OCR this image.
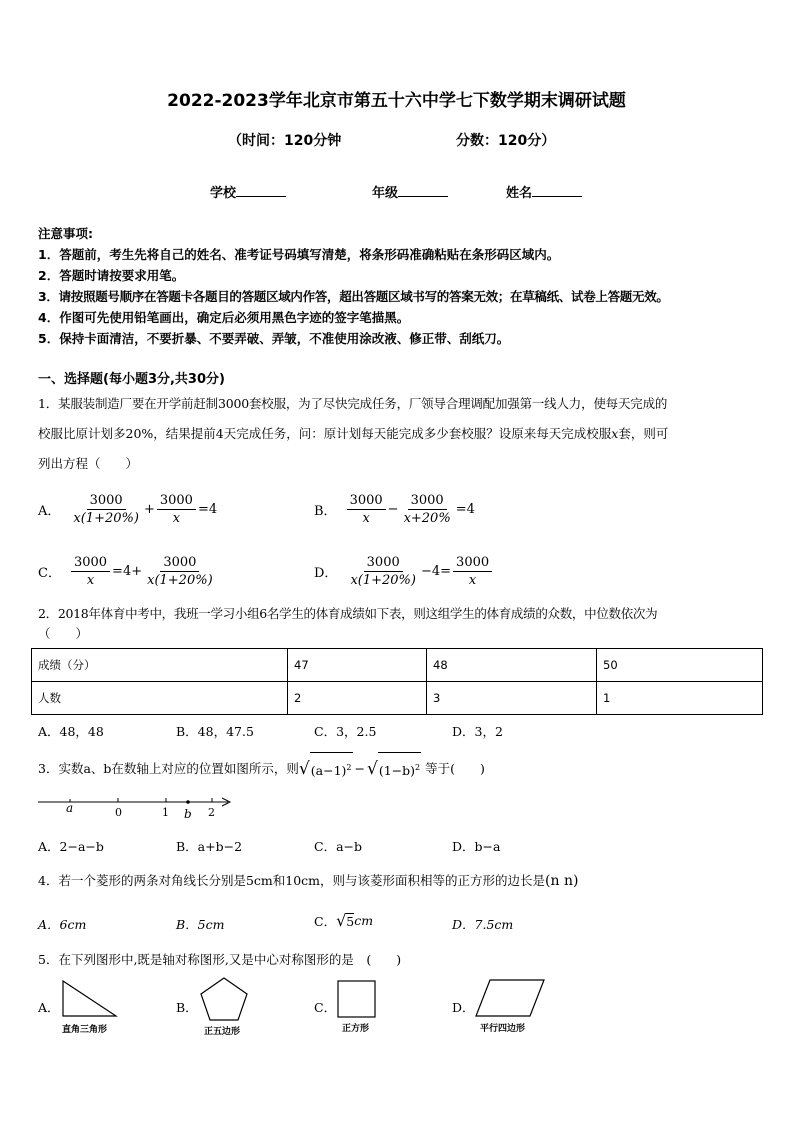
2022-2023学年北京市第五十六中学七下数学期末调研试题
（时间：120分钟	分数：120分）
学校	年级	姓名
注意事项:
1．答题前，考生先将自己的姓名、准考证号码填写清楚，将条形码准确粘贴在条形码区域内。
2．答题时请按要求用笔。
3．请按照题号顺序在答题卡各题目的答题区域内作答，超出答题区域书写的答案无效；在草稿纸、试卷上答题无效。
4．作图可先使用铅笔画出，确定后必须用黑色字迹的签字笔描黑。
5．保持卡面清洁，不要折暴、不要弄破、弄皱，不准使用涂改液、修正带、刮纸刀。
一、选择题(每小题3分,共30分)
1．某服装制造厂要在开学前赶制3000套校服，为了尽快完成任务，厂领导合理调配加强第一线人力，使每天完成的
校服比原计划多20%，结果提前4天完成任务，问：原计划每天能完成多少套校服？设原来每天完成校服x套，则可
列出方程（　　）
A． $\frac{3000}{x(1+20\%)} + \frac{3000}{x} =4$	B． $\frac{3000}{x} - \frac{3000}{x+20\%} =4$
C． $\frac{3000}{x} =4+ \frac{3000}{x(1+20\%)}$	D． $\frac{3000}{x(1+20\%)} -4= \frac{3000}{x}$
2．2018年体育中考中，我班一学习小组6名学生的体育成绩如下表，则这组学生的体育成绩的众数，中位数依次为
（　　）
成绩（分）	47	48	50
人数	2	3	1
A．48，48	B．48，47.5	C．3，2.5	D．3，2
3．实数a、b在数轴上对应的位置如图所示，则 √ $(a-1)^2$ − √ $(1-b)^2$ 等于(　　)
a	0	1 b 2
A．2−a−b	B．a+b−2	C．a−b	D．b−a
4．若一个菱形的两条对角线长分别是5cm和10cm，则与该菱形面积相等的正方形的边长是(n n)
A．6cm	B．5cm	C． √ 5 cm	D．7.5cm
5．在下列图形中,既是轴对称图形,又是中心对称图形的是　(　　)
A．
直角三角形
B．
正五边形
C．
正方形
D．
平行四边形
